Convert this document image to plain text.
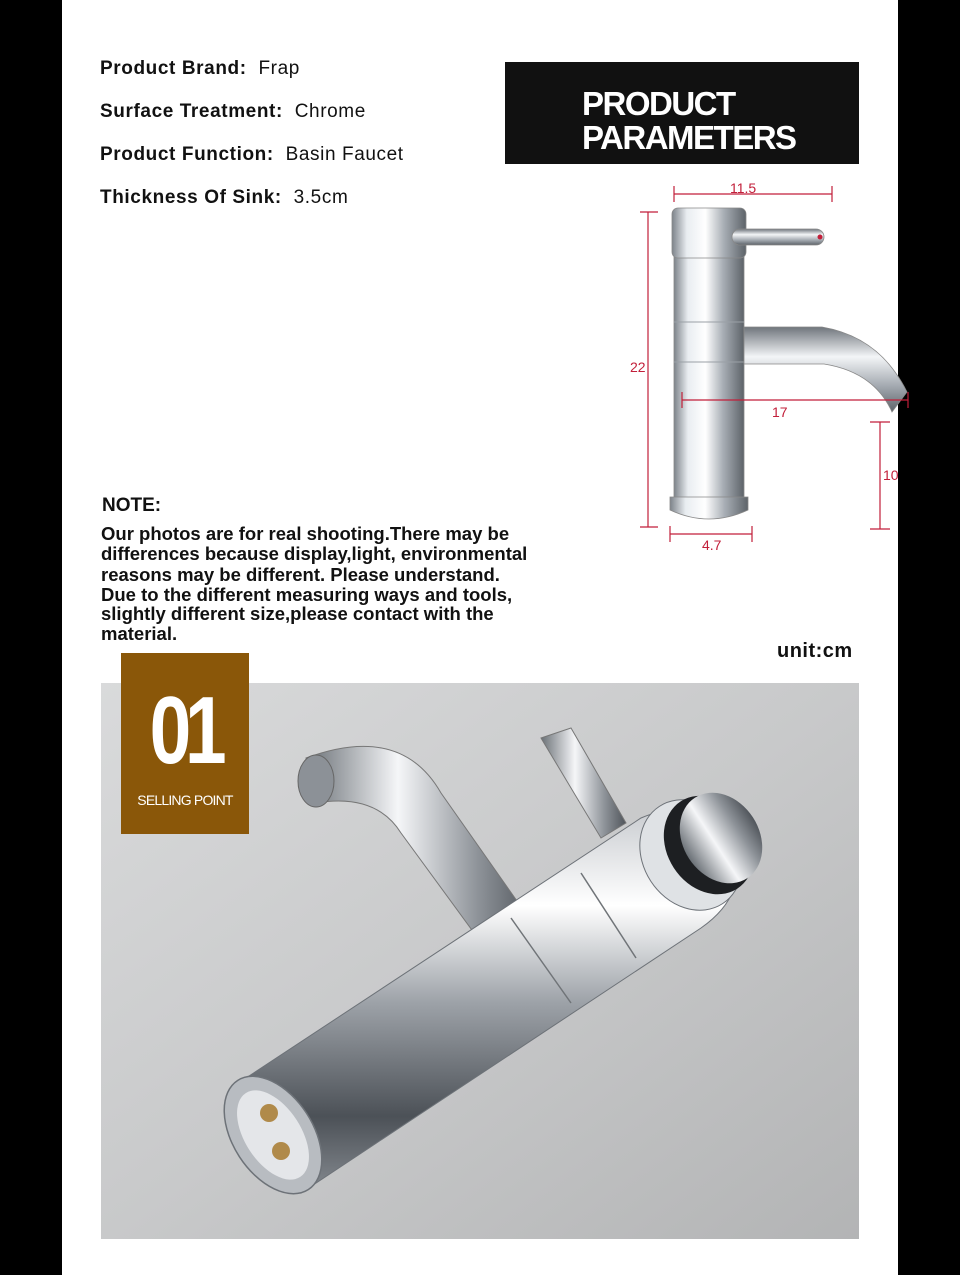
Product Brand:  Frap
Surface Treatment:  Chrome
Product Function:  Basin Faucet
Thickness Of Sink:  3.5cm
PRODUCT
PARAMETERS
11.5
22
17
10
4.7
NOTE:
Our photos are for real shooting.There may be
differences because display,light, environmental
reasons may be different. Please understand.
Due to the different measuring ways and tools,
slightly different size,please contact with the
material.
unit:cm
01
SELLING POINT
